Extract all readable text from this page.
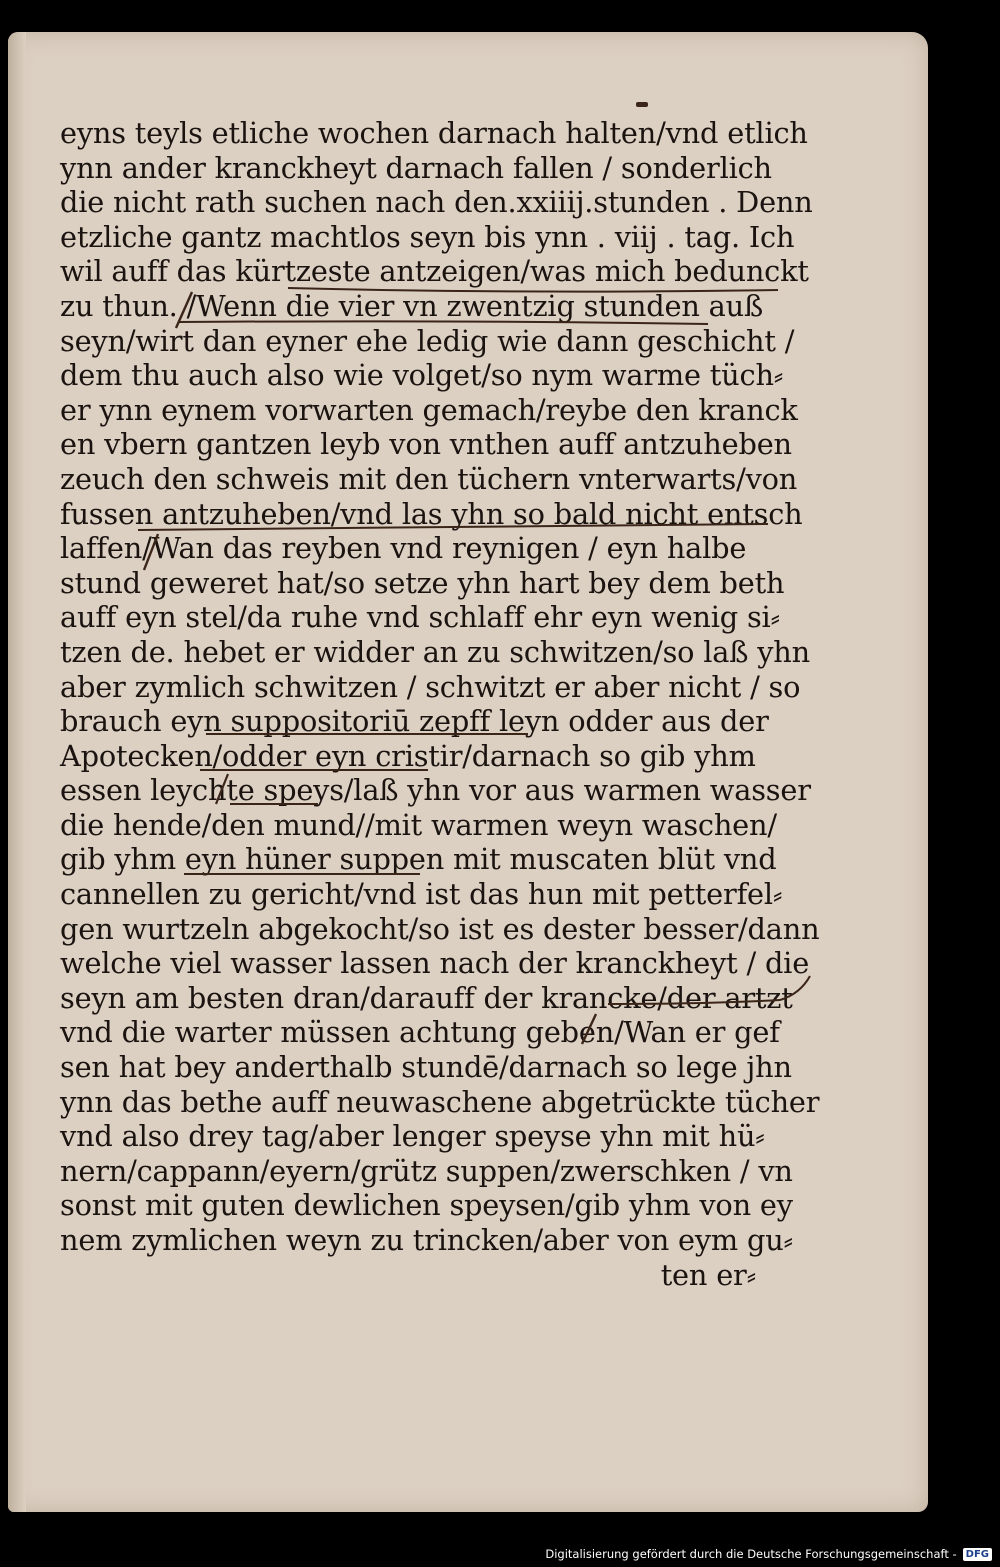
eyns teyls etliche wochen darnach halten/vnd etlich
ynn ander kranckheyt darnach fallen / sonderlich
die nicht rath suchen nach den.xxiiij.stunden . Denn
etzliche gantz machtlos seyn bis ynn . viij . tag. Ich
wil auff das kürtzeste antzeigen/was mich bedunckt
zu thun. /Wenn die vier vn zwentzig stunden auß
seyn/wirt dan eyner ehe ledig wie dann geschicht /
dem thu auch also wie volget/so nym warme tüch⸗
er ynn eynem vorwarten gemach/reybe den kranck
en vbern gantzen leyb von vnthen auff antzuheben
zeuch den schweis mit den tüchern vnterwarts/von
fussen antzuheben/vnd las yhn so bald nicht entsch
laffen/Wan das reyben vnd reynigen / eyn halbe
stund geweret hat/so setze yhn hart bey dem beth
auff eyn stel/da ruhe vnd schlaff ehr eyn wenig si⸗
tzen de. hebet er widder an zu schwitzen/so laß yhn
aber zymlich schwitzen / schwitzt er aber nicht / so
brauch eyn suppositoriū zepff leyn odder aus der
Apotecken/odder eyn cristir/darnach so gib yhm
essen leychte speys/laß yhn vor aus warmen wasser
die hende/den mund//mit warmen weyn waschen/
gib yhm eyn hüner suppen mit muscaten blüt vnd
cannellen zu gericht/vnd ist das hun mit petterfel⸗
gen wurtzeln abgekocht/so ist es dester besser/dann
welche viel wasser lassen nach der kranckheyt / die
seyn am besten dran/darauff der krancke/der artzt
vnd die warter müssen achtung geben/Wan er gef
sen hat bey anderthalb stundē/darnach so lege jhn
ynn das bethe auff neuwaschene abgetrückte tücher
vnd also drey tag/aber lenger speyse yhn mit hü⸗
nern/cappann/eyern/grütz suppen/zwerschken / vn
sonst mit guten dewlichen speysen/gib yhm von ey
nem zymlichen weyn zu trincken/aber von eym gu⸗
ten er⸗
Digitalisierung gefördert durch die Deutsche Forschungsgemeinschaft - DFG
